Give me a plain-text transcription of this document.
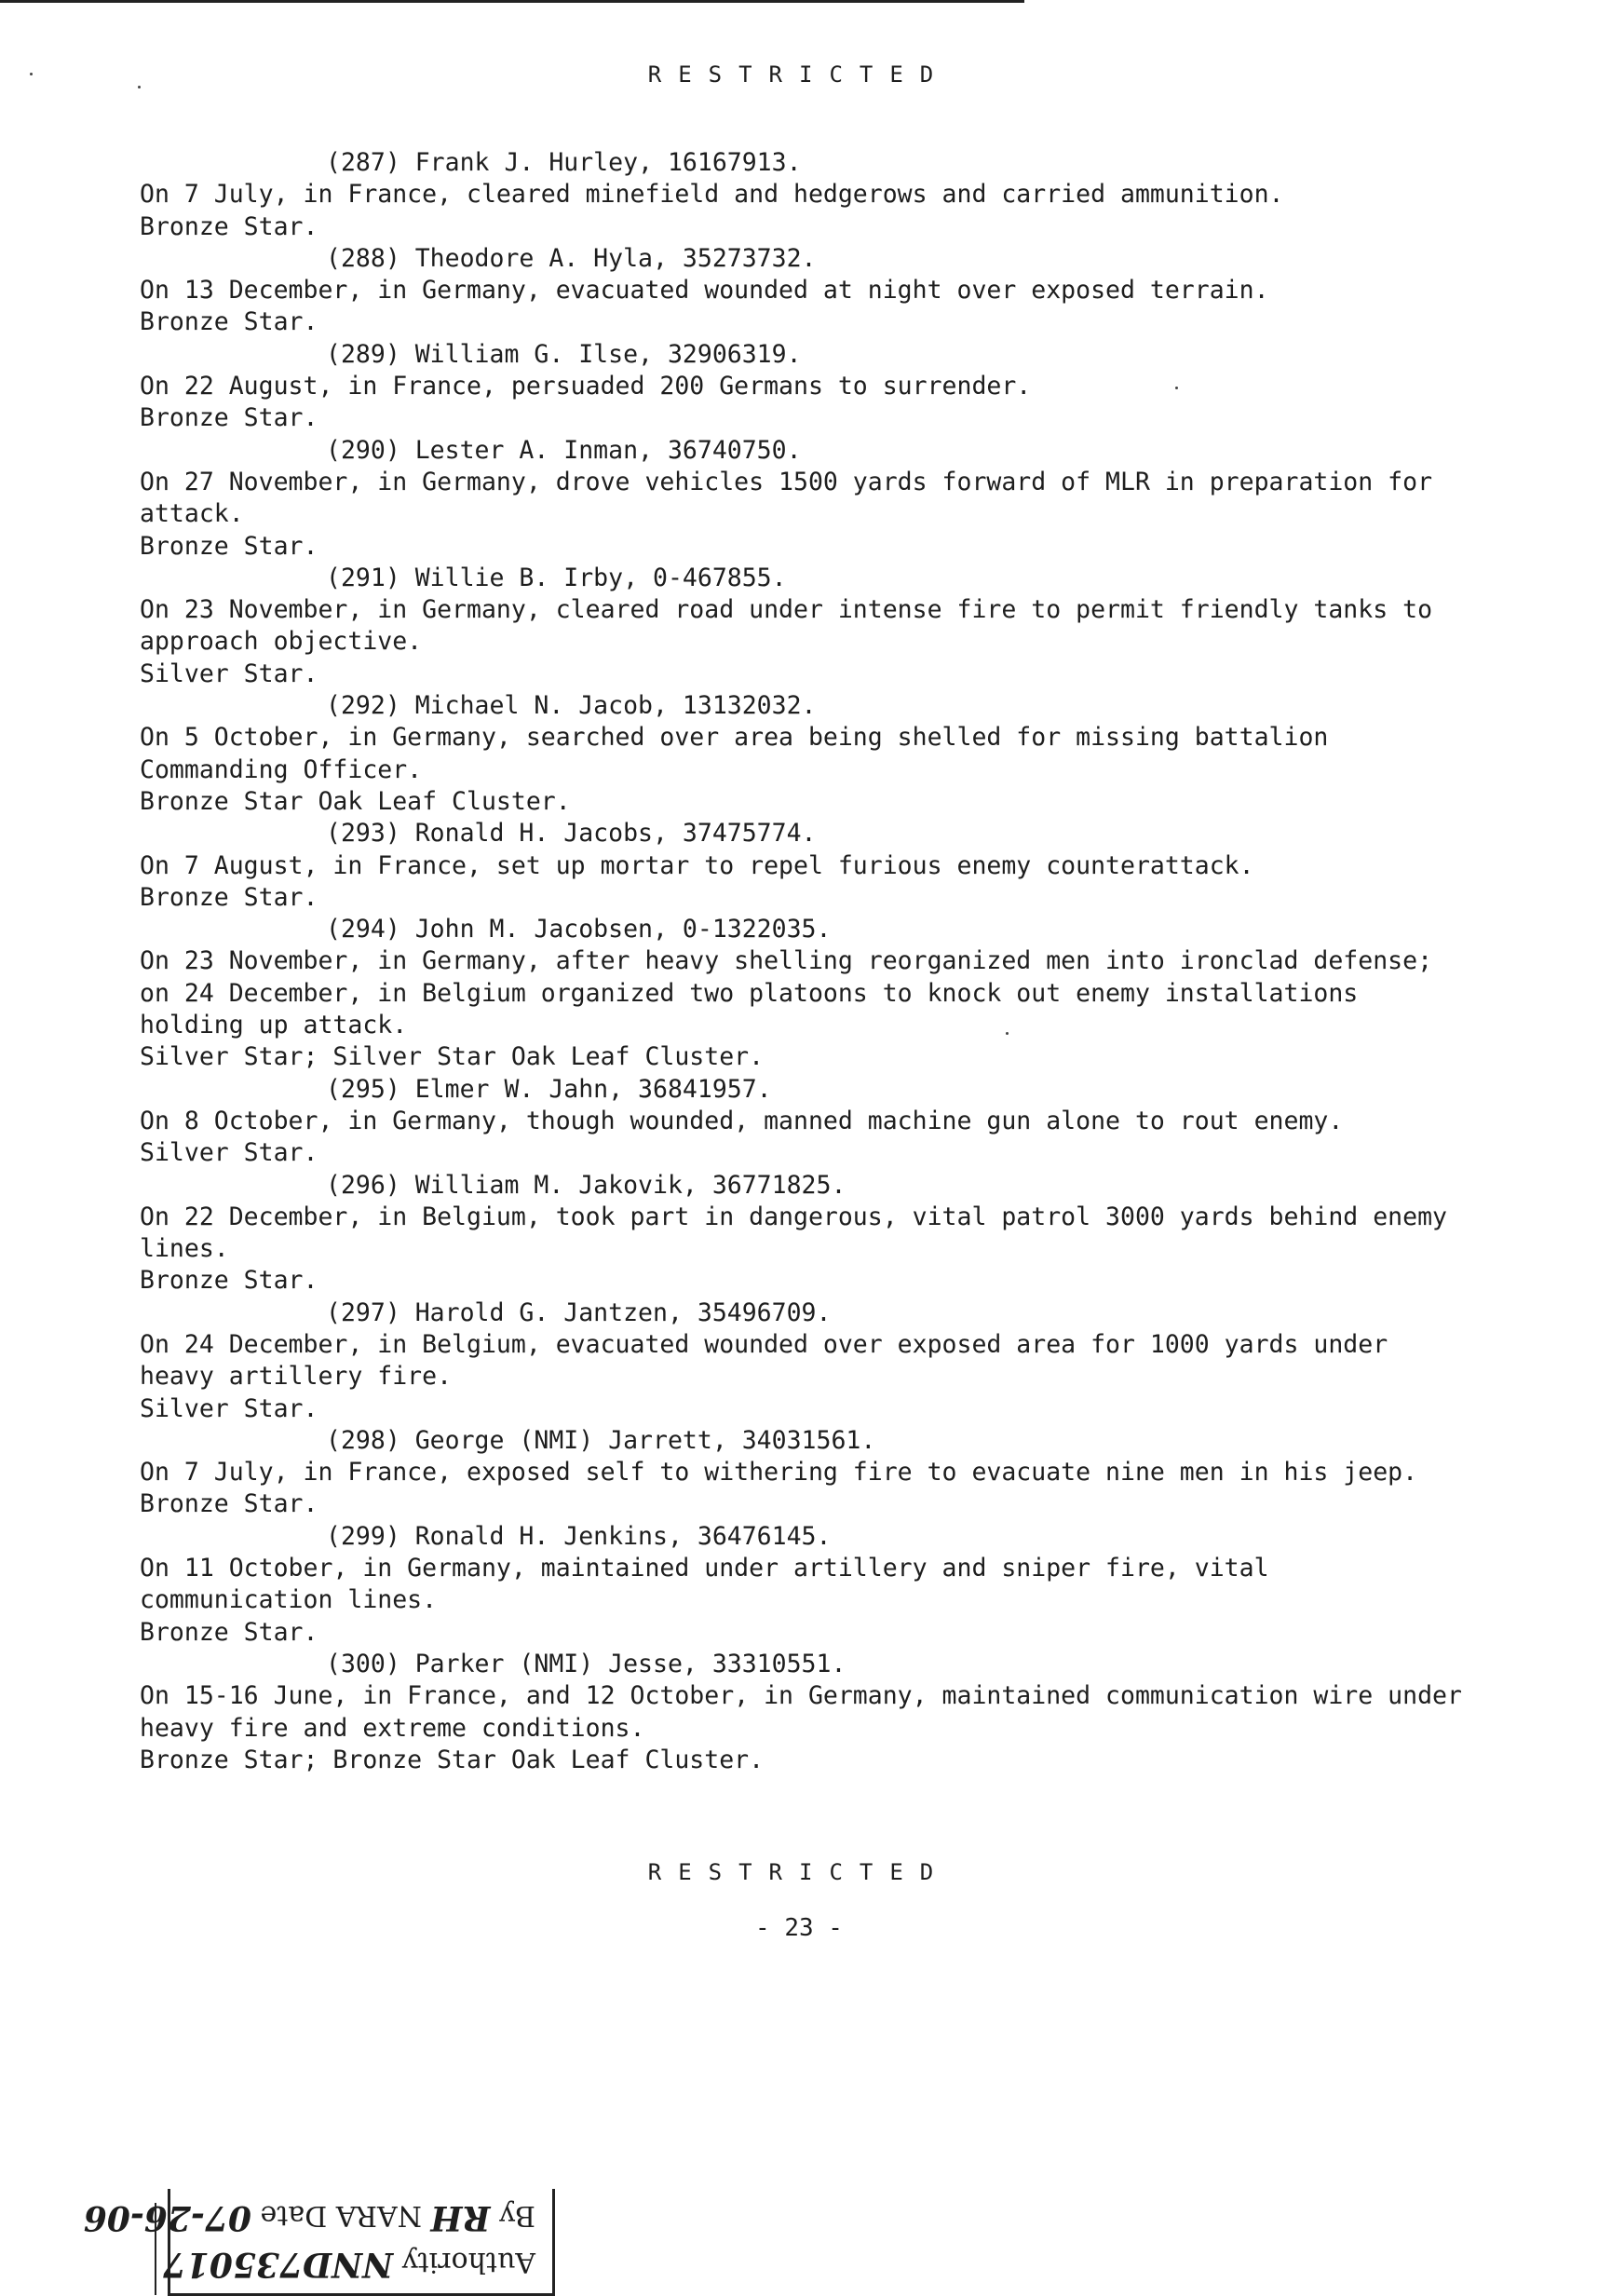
RESTRICTED
(287) Frank J. Hurley, 16167913.
On 7 July, in France, cleared minefield and hedgerows and carried ammunition.
Bronze Star.
(288) Theodore A. Hyla, 35273732.
On 13 December, in Germany, evacuated wounded at night over exposed terrain.
Bronze Star.
(289) William G. Ilse, 32906319.
On 22 August, in France, persuaded 200 Germans to surrender.
Bronze Star.
(290) Lester A. Inman, 36740750.
On 27 November, in Germany, drove vehicles 1500 yards forward of MLR in preparation for attack.
Bronze Star.
(291) Willie B. Irby, 0-467855.
On 23 November, in Germany, cleared road under intense fire to permit friendly tanks to approach objective.
Silver Star.
(292) Michael N. Jacob, 13132032.
On 5 October, in Germany, searched over area being shelled for missing battalion Commanding Officer.
Bronze Star Oak Leaf Cluster.
(293) Ronald H. Jacobs, 37475774.
On 7 August, in France, set up mortar to repel furious enemy counterattack.
Bronze Star.
(294) John M. Jacobsen, 0-1322035.
On 23 November, in Germany, after heavy shelling reorganized men into ironclad defense; on 24 December, in Belgium organized two platoons to knock out enemy installations holding up attack.
Silver Star; Silver Star Oak Leaf Cluster.
(295) Elmer W. Jahn, 36841957.
On 8 October, in Germany, though wounded, manned machine gun alone to rout enemy.
Silver Star.
(296) William M. Jakovik, 36771825.
On 22 December, in Belgium, took part in dangerous, vital patrol 3000 yards behind enemy lines.
Bronze Star.
(297) Harold G. Jantzen, 35496709.
On 24 December, in Belgium, evacuated wounded over exposed area for 1000 yards under heavy artillery fire.
Silver Star.
(298) George (NMI) Jarrett, 34031561.
On 7 July, in France, exposed self to withering fire to evacuate nine men in his jeep.
Bronze Star.
(299) Ronald H. Jenkins, 36476145.
On 11 October, in Germany, maintained under artillery and sniper fire, vital communication lines.
Bronze Star.
(300) Parker (NMI) Jesse, 33310551.
On 15-16 June, in France, and 12 October, in Germany, maintained communication wire under heavy fire and extreme conditions.
Bronze Star; Bronze Star Oak Leaf Cluster.
RESTRICTED
- 23 -
Authority NND735017
By RH NARA Date 07-26-06
